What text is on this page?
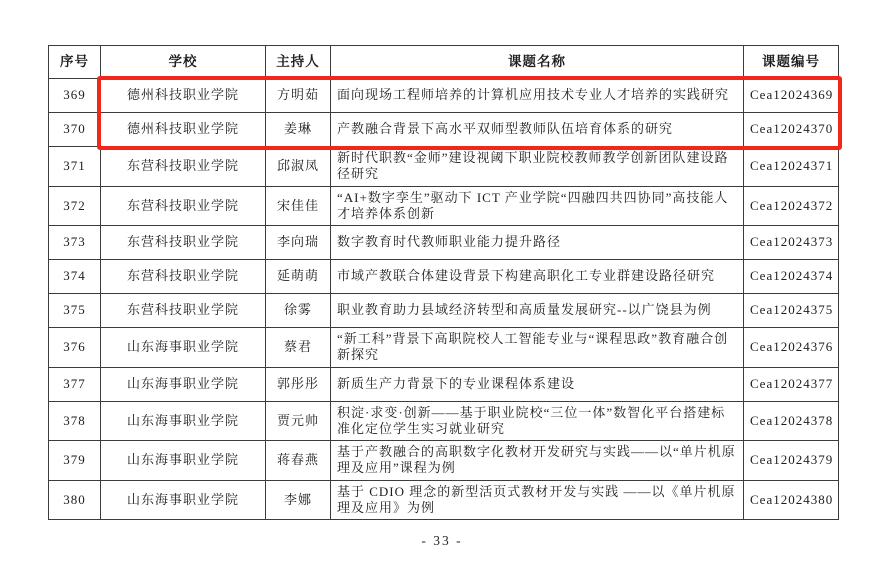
序号	学校	主持人	课题名称	课题编号
369	德州科技职业学院	方明茹	面向现场工程师培养的计算机应用技术专业人才培养的实践研究	Cea12024369
370	德州科技职业学院	姜琳	产教融合背景下高水平双师型教师队伍培育体系的研究	Cea12024370
371	东营科技职业学院	邱淑凤	新时代职教“金师”建设视阈下职业院校教师教学创新团队建设路径研究	Cea12024371
372	东营科技职业学院	宋佳佳	“AI+数字孪生”驱动下 ICT 产业学院“四融四共四协同”高技能人才培养体系创新	Cea12024372
373	东营科技职业学院	李向瑞	数字教育时代教师职业能力提升路径	Cea12024373
374	东营科技职业学院	延萌萌	市域产教联合体建设背景下构建高职化工专业群建设路径研究	Cea12024374
375	东营科技职业学院	徐雾	职业教育助力县域经济转型和高质量发展研究--以广饶县为例	Cea12024375
376	山东海事职业学院	蔡君	“新工科”背景下高职院校人工智能专业与“课程思政”教育融合创新探究	Cea12024376
377	山东海事职业学院	郭彤彤	新质生产力背景下的专业课程体系建设	Cea12024377
378	山东海事职业学院	贾元帅	积淀·求变·创新——基于职业院校“三位一体”数智化平台搭建标准化定位学生实习就业研究	Cea12024378
379	山东海事职业学院	蒋春燕	基于产教融合的高职数字化教材开发研究与实践——以“单片机原理及应用”课程为例	Cea12024379
380	山东海事职业学院	李娜	基于 CDIO 理念的新型活页式教材开发与实践 ——以《单片机原理及应用》为例	Cea12024380
- 33 -
